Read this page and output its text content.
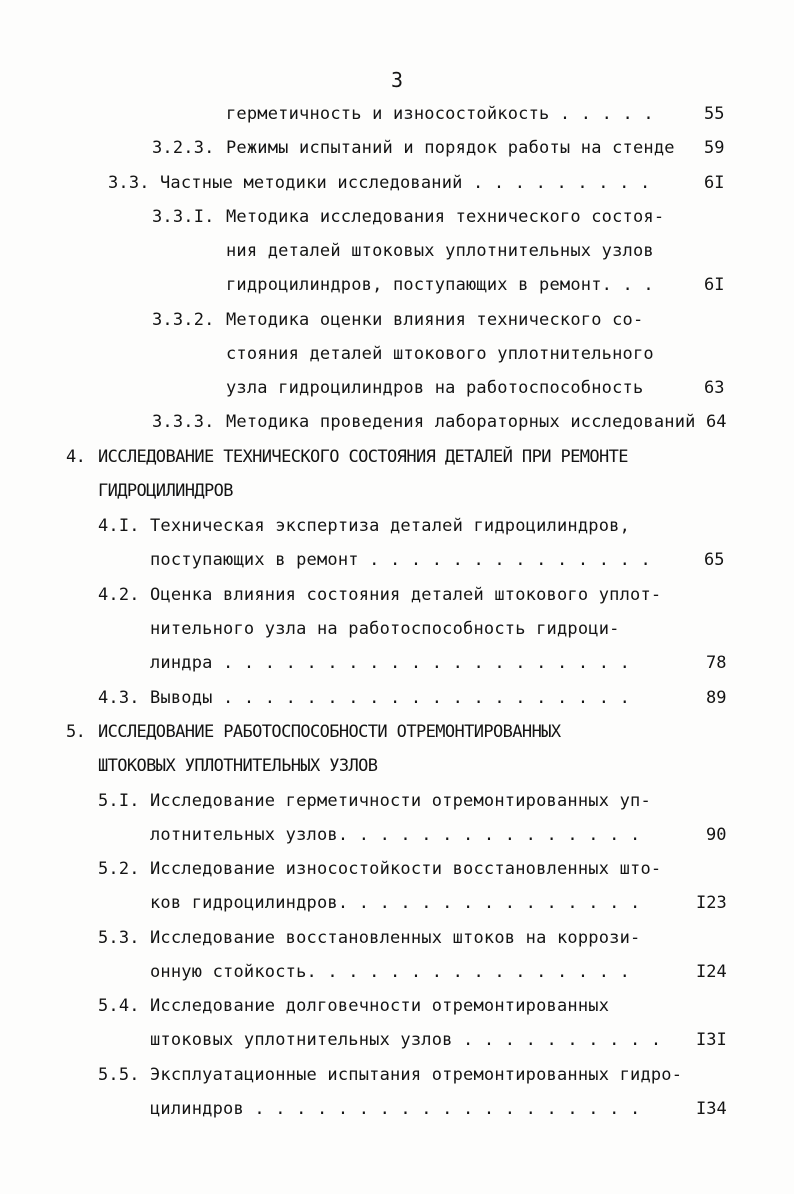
3
герметичность и износостойкость . . . . .	55
3.2.3. Режимы испытаний и порядок работы на стенде 59
3.3. Частные методики исследований . . . . . . . . .	6I
3.3.I. Методика исследования технического состоя-
ния деталей штоковых уплотнительных узлов
гидроцилиндров, поступающих в ремонт. . .	6I
3.3.2. Методика оценки влияния технического со-
стояния деталей штокового уплотнительного
узла гидроцилиндров на работоспособность	63
3.3.3. Методика проведения лабораторных исследований 64
4. ИССЛЕДОВАНИЕ ТЕХНИЧЕСКОГО СОСТОЯНИЯ ДЕТАЛЕЙ ПРИ РЕМОНТЕ
ГИДРОЦИЛИНДРОВ
4.I. Техническая экспертиза деталей гидроцилиндров,
поступающих в ремонт . . . . . . . . . . . . . .	65
4.2. Оценка влияния состояния деталей штокового уплот-
нительного узла на работоспособность гидроци-
линдра . . . . . . . . . . . . . . . . . . . .	78
4.3. Выводы . . . . . . . . . . . . . . . . . . . .	89
5. ИССЛЕДОВАНИЕ РАБОТОСПОСОБНОСТИ ОТРЕМОНТИРОВАННЫХ
ШТОКОВЫХ УПЛОТНИТЕЛЬНЫХ УЗЛОВ
5.I. Исследование герметичности отремонтированных уп-
лотнительных узлов. . . . . . . . . . . . . . .	90
5.2. Исследование износостойкости восстановленных што-
ков гидроцилиндров. . . . . . . . . . . . . . .	I23
5.3. Исследование восстановленных штоков на коррози-
онную стойкость. . . . . . . . . . . . . . . .	I24
5.4. Исследование долговечности отремонтированных
штоковых уплотнительных узлов . . . . . . . . . . I3I
5.5. Эксплуатационные испытания отремонтированных гидро-
цилиндров . . . . . . . . . . . . . . . . . . .	I34
